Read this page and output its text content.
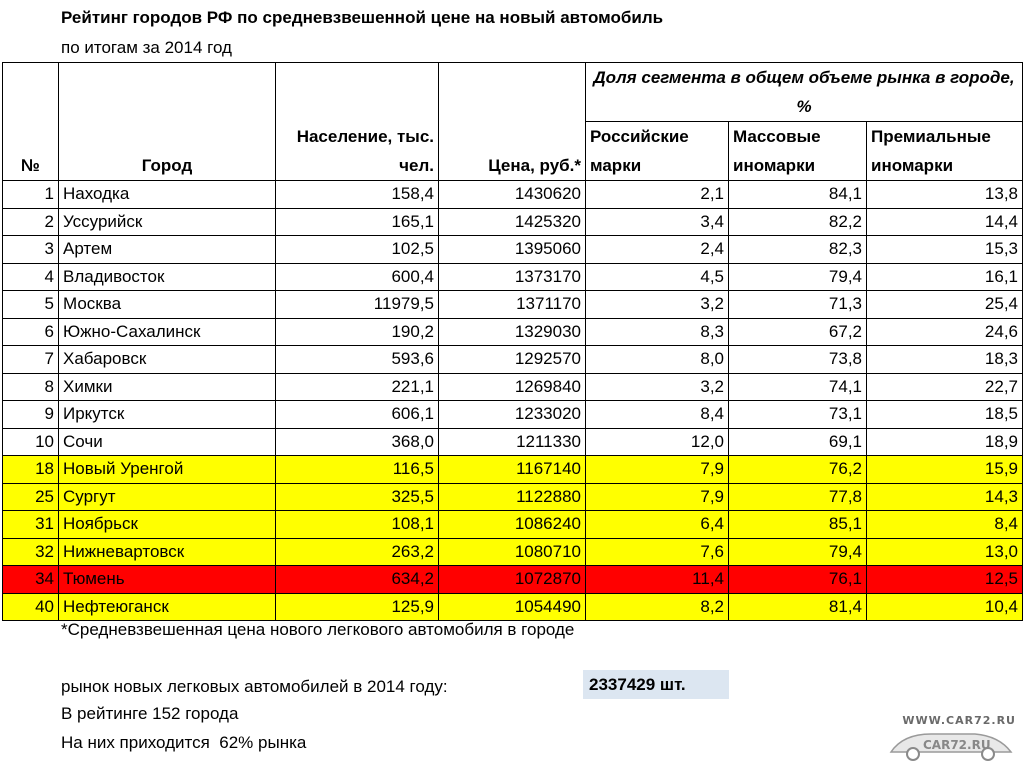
Рейтинг городов РФ по средневзвешенной цене на новый автомобиль
по итогам за 2014 год
№	Город	Население, тыс. чел.	Цена, руб.*	Доля сегмента в общем объеме рынка в городе, %		
				Российские марки	Массовые иномарки	Премиальные иномарки
1	Находка	158,4	1430620	2,1	84,1	13,8
2	Уссурийск	165,1	1425320	3,4	82,2	14,4
3	Артем	102,5	1395060	2,4	82,3	15,3
4	Владивосток	600,4	1373170	4,5	79,4	16,1
5	Москва	11979,5	1371170	3,2	71,3	25,4
6	Южно-Сахалинск	190,2	1329030	8,3	67,2	24,6
7	Хабаровск	593,6	1292570	8,0	73,8	18,3
8	Химки	221,1	1269840	3,2	74,1	22,7
9	Иркутск	606,1	1233020	8,4	73,1	18,5
10	Сочи	368,0	1211330	12,0	69,1	18,9
18	Новый Уренгой	116,5	1167140	7,9	76,2	15,9
25	Сургут	325,5	1122880	7,9	77,8	14,3
31	Ноябрьск	108,1	1086240	6,4	85,1	8,4
32	Нижневартовск	263,2	1080710	7,6	79,4	13,0
34	Тюмень	634,2	1072870	11,4	76,1	12,5
40	Нефтеюганск	125,9	1054490	8,2	81,4	10,4
*Средневзвешенная цена нового легкового автомобиля в городе
рынок новых легковых автомобилей в 2014 году:	2337429 шт.
В рейтинге 152 города
На них приходится  62% рынка
WWW.CAR72.RU
CAR72.RU
